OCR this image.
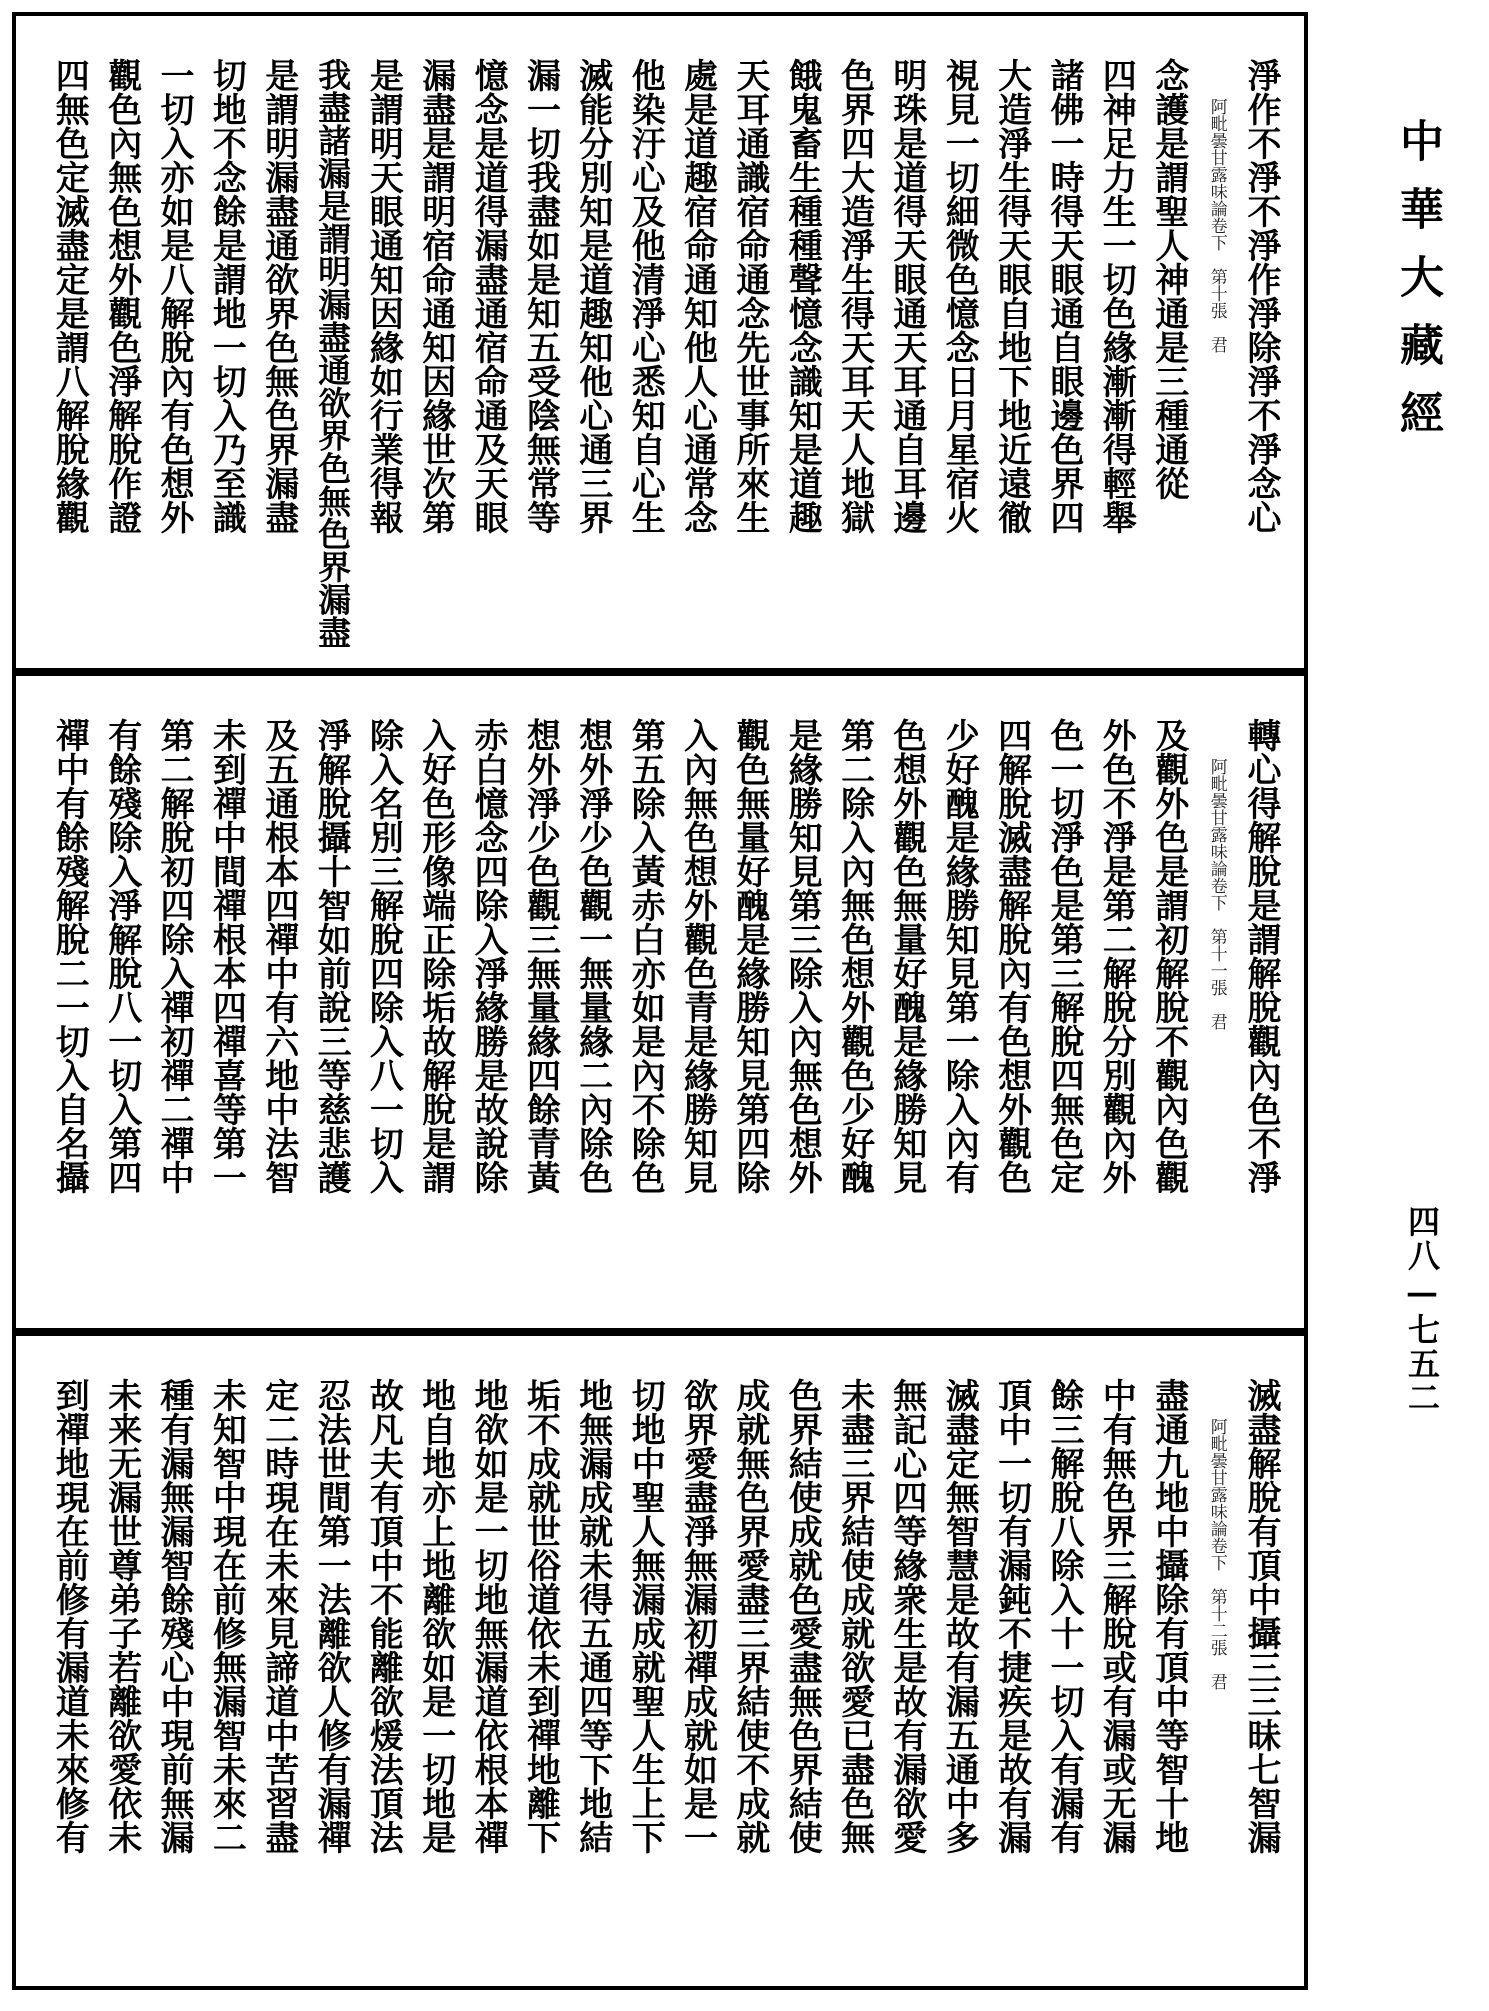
淨作不淨不淨作淨除淨不淨念心
念護是謂聖人神通是三種通從
四神足力生一切色緣漸漸得輕舉
諸佛一時得天眼通自眼邊色界四
大造淨生得天眼自地下地近遠徹
視見一切細微色憶念日月星宿火
明珠是道得天眼通天耳通自耳邊
色界四大造淨生得天耳天人地獄
餓鬼畜生種種聲憶念識知是道趣
天耳通識宿命通念先世事所來生
處是道趣宿命通知他人心通常念
他染汙心及他清淨心悉知自心生
滅能分別知是道趣知他心通三界
漏一切我盡如是知五受陰無常等
憶念是道得漏盡通宿命通及天眼
漏盡是謂明宿命通知因緣世次第
是謂明天眼通知因緣如行業得報
我盡諸漏是謂明漏盡通欲界色無色界漏盡
是謂明漏盡通欲界色無色界漏盡
切地不念餘是謂地一切入乃至識
一切入亦如是八解脫內有色想外
觀色內無色想外觀色淨解脫作證
四無色定滅盡定是謂八解脫緣觀	阿毗曇甘露味論卷下　第十張　君
轉心得解脫是謂解脫觀內色不淨
及觀外色是謂初解脫不觀內色觀
外色不淨是第二解脫分別觀內外
色一切淨色是第三解脫四無色定
四解脫滅盡解脫內有色想外觀色
少好醜是緣勝知見第一除入內有
色想外觀色無量好醜是緣勝知見
第二除入內無色想外觀色少好醜
是緣勝知見第三除入內無色想外
觀色無量好醜是緣勝知見第四除
入內無色想外觀色青是緣勝知見
第五除入黃赤白亦如是內不除色
想外淨少色觀一無量緣二內除色
想外淨少色觀三無量緣四餘青黃
赤白憶念四除入淨緣勝是故說除
入好色形像端正除垢故解脫是謂
除入名別三解脫四除入八一切入
淨解脫攝十智如前說三等慈悲護
及五通根本四禪中有六地中法智
未到禪中間禪根本四禪喜等第一
第二解脫初四除入禪初禪二禪中
有餘殘除入淨解脫八一切入第四
禪中有餘殘解脫二一切入自名攝	阿毗曇甘露味論卷下　第十一張　君
滅盡解脫有頂中攝三三昧七智漏
盡通九地中攝除有頂中等智十地
中有無色界三解脫或有漏或无漏
餘三解脫八除入十一切入有漏有
頂中一切有漏鈍不捷疾是故有漏
滅盡定無智慧是故有漏五通中多
無記心四等緣衆生是故有漏欲愛
未盡三界結使成就欲愛已盡色無
色界結使成就色愛盡無色界結使
成就無色界愛盡三界結使不成就
欲界愛盡淨無漏初禪成就如是一
切地中聖人無漏成就聖人生上下
地無漏成就未得五通四等下地結
垢不成就世俗道依未到禪地離下
地欲如是一切地無漏道依根本禪
地自地亦上地離欲如是一切地是
故凡夫有頂中不能離欲煖法頂法
忍法世間第一法離欲人修有漏禪
定二時現在未來見諦道中苦習盡
未知智中現在前修無漏智未來二
種有漏無漏智餘殘心中現前無漏
未来无漏世尊弟子若離欲愛依未
到禪地現在前修有漏道未來修有	阿毗曇甘露味論卷下　第十二張　君
中華大藏經
四八—七五二
